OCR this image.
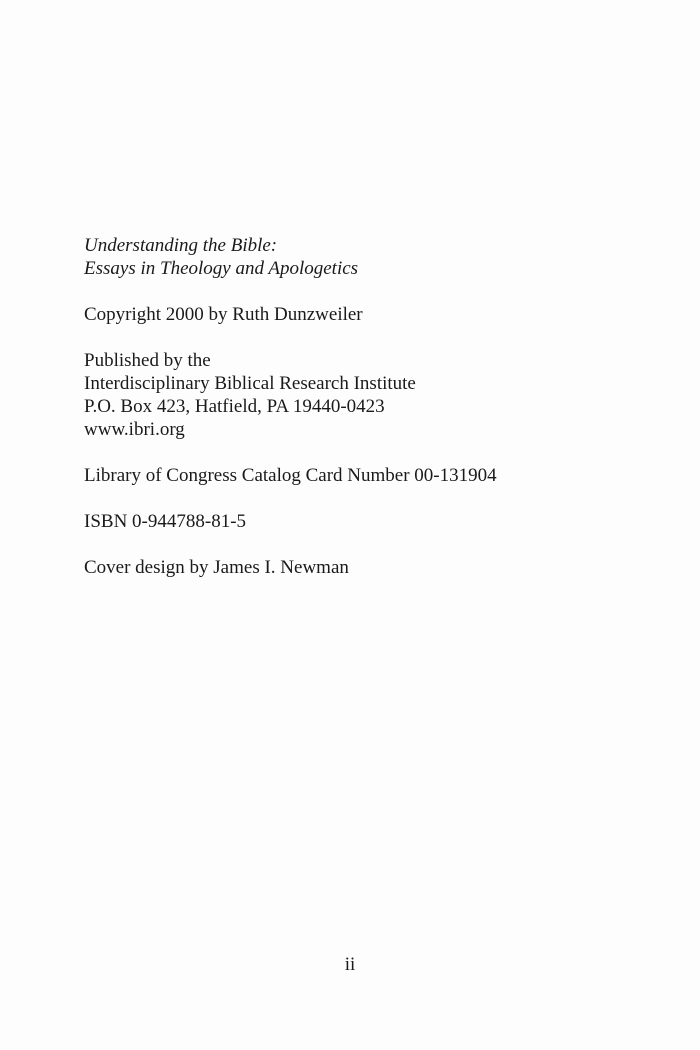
Understanding the Bible:
Essays in Theology and Apologetics
Copyright 2000 by Ruth Dunzweiler
Published by the
Interdisciplinary Biblical Research Institute
P.O. Box 423, Hatfield, PA 19440-0423
www.ibri.org
Library of Congress Catalog Card Number 00-131904
ISBN 0-944788-81-5
Cover design by James I. Newman
ii
